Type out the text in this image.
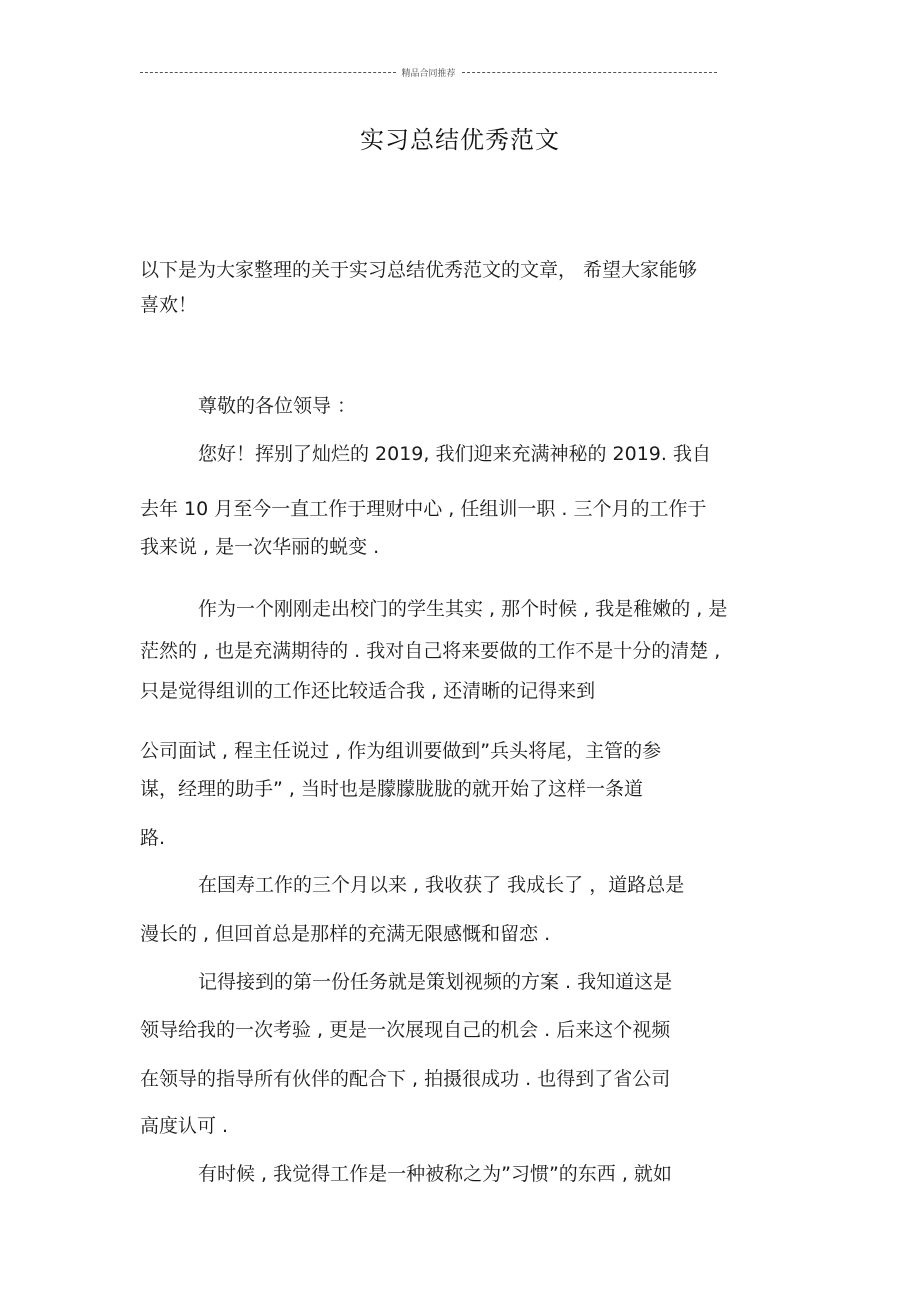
精品合同推荐
实习总结优秀范文
以下是为大家整理的关于实习总结优秀范文的文章， 希望大家能够
喜欢！
尊敬的各位领导 ：
您好！挥别了灿烂的 2019, 我们迎来充满神秘的 2019. 我自
去年 10 月至今一直工作于理财中心 , 任组训一职 . 三个月的工作于
我来说 , 是一次华丽的蜕变 .
作为一个刚刚走出校门的学生其实 , 那个时候 , 我是稚嫩的 , 是
茫然的 , 也是充满期待的 . 我对自己将来要做的工作不是十分的清楚 ,
只是觉得组训的工作还比较适合我 , 还清晰的记得来到
公司面试 , 程主任说过 , 作为组训要做到”兵头将尾，主管的参
谋，经理的助手” , 当时也是朦朦胧胧的就开始了这样一条道
路.
在国寿工作的三个月以来 , 我收获了 我成长了 ，道路总是
漫长的 , 但回首总是那样的充满无限感慨和留恋 .
记得接到的第一份任务就是策划视频的方案 . 我知道这是
领导给我的一次考验 , 更是一次展现自己的机会 . 后来这个视频
在领导的指导所有伙伴的配合下 , 拍摄很成功 . 也得到了省公司
高度认可 .
有时候 , 我觉得工作是一种被称之为”习惯”的东西 , 就如
